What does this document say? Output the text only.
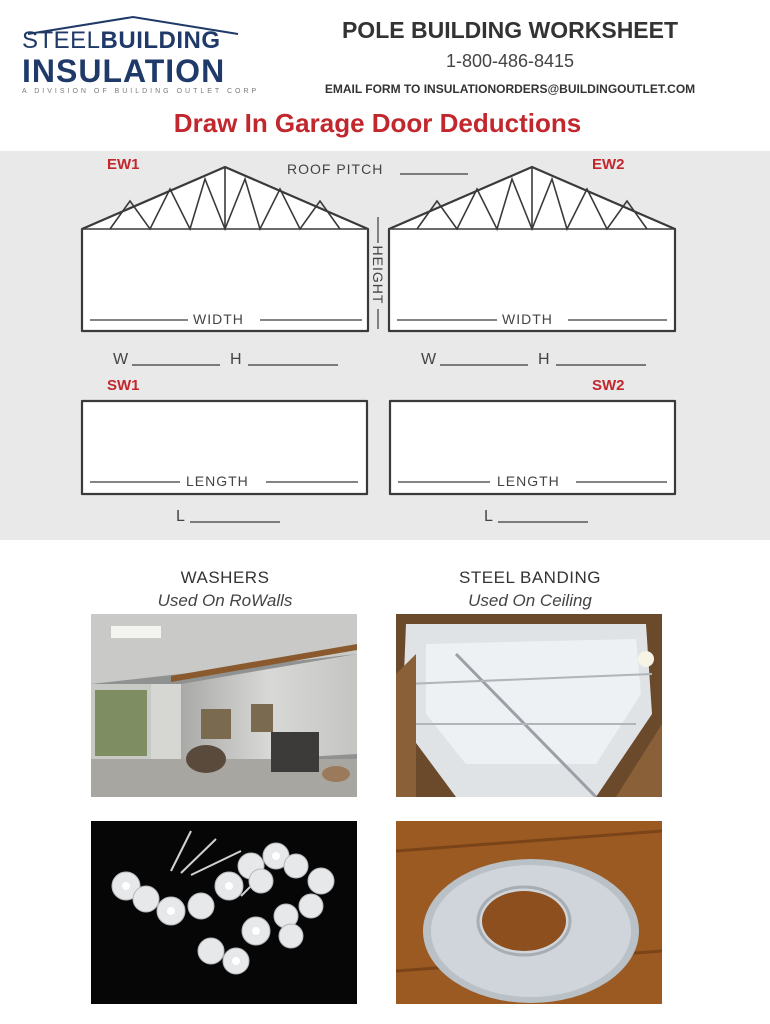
STEELBUILDING
INSULATION
A DIVISION OF BUILDING OUTLET CORP
POLE BUILDING WORKSHEET
1-800-486-8415
EMAIL FORM TO INSULATIONORDERS@BUILDINGOUTLET.COM
Draw In Garage Door Deductions
EW1	EW2
ROOF PITCH
HEIGHT
WIDTH	WIDTH
W	H	W	H
SW1	SW2
LENGTH	LENGTH
L	L
WASHERS
Used On RoWalls
STEEL BANDING
Used On Ceiling
